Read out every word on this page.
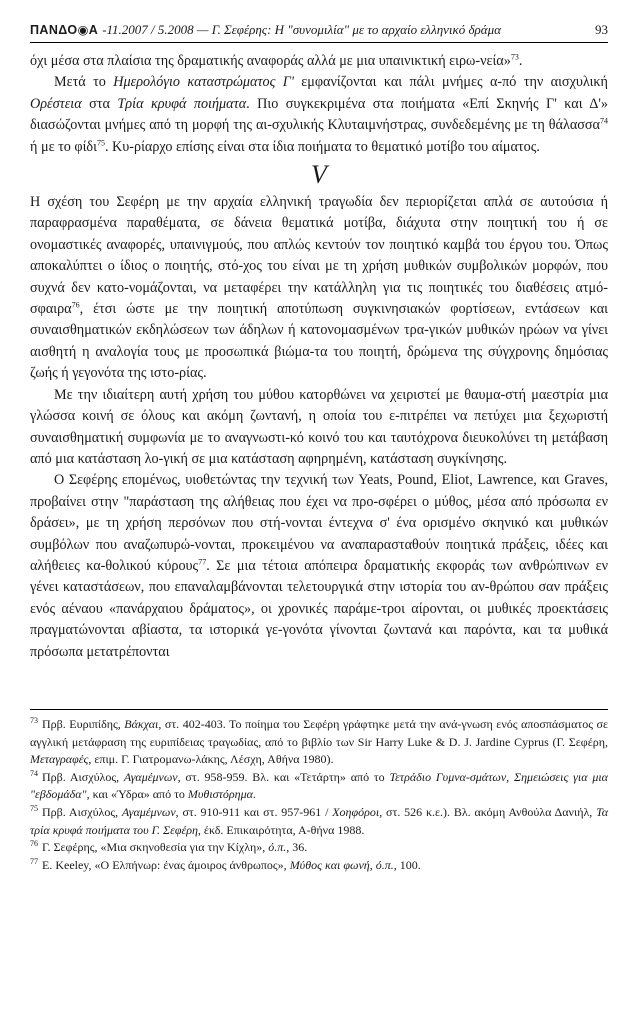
ΠΑΝΔΟ◉Α -11.2007 / 5.2008 — Γ. Σεφέρης: Η "συνομιλία" με το αρχαίο ελληνικό δράμα	93

όχι μέσα στα πλαίσια της δραματικής αναφοράς αλλά με μια υπαινικτική ειρω-νεία»$^{73}$.

Μετά το Ημερολόγιο καταστρώματος Γ' εμφανίζονται και πάλι μνήμες α-πό την αισχυλική Ορέστεια στα Τρία κρυφά ποιήματα. Πιο συγκεκριμένα στα ποιήματα «Επί Σκηνής Γ' και Δ'» διασώζονται μνήμες από τη μορφή της αι-σχυλικής Κλυταιμνήστρας, συνδεδεμένης με τη θάλασσα$^{74}$ ή με το φίδι$^{75}$. Κυ-ρίαρχο επίσης είναι στα ίδια ποιήματα το θεματικό μοτίβο του αίματος.

V

Η σχέση του Σεφέρη με την αρχαία ελληνική τραγωδία δεν περιορίζεται απλά σε αυτούσια ή παραφρασμένα παραθέματα, σε δάνεια θεματικά μοτίβα, διάχυτα στην ποιητική του ή σε ονομαστικές αναφορές, υπαινιγμούς, που απλώς κεντούν τον ποιητικό καμβά του έργου του. Όπως αποκαλύπτει ο ίδιος ο ποιητής, στό-χος του είναι με τη χρήση μυθικών συμβολικών μορφών, που συχνά δεν κατο-νομάζονται, να μεταφέρει την κατάλληλη για τις ποιητικές του διαθέσεις ατμό-σφαιρα$^{76}$, έτσι ώστε με την ποιητική αποτύπωση συγκινησιακών φορτίσεων, εντάσεων και συναισθηματικών εκδηλώσεων των άδηλων ή κατονομασμένων τρα-γικών μυθικών ηρώων να γίνει αισθητή η αναλογία τους με προσωπικά βιώμα-τα του ποιητή, δρώμενα της σύγχρονης δημόσιας ζωής ή γεγονότα της ιστο-ρίας.

Με την ιδιαίτερη αυτή χρήση του μύθου κατορθώνει να χειριστεί με θαυμα-στή μαεστρία μια γλώσσα κοινή σε όλους και ακόμη ζωντανή, η οποία του ε-πιτρέπει να πετύχει μια ξεχωριστή συναισθηματική συμφωνία με το αναγνωστι-κό κοινό του και ταυτόχρονα διευκολύνει τη μετάβαση από μια κατάσταση λο-γική σε μια κατάσταση αφηρημένη, κατάσταση συγκίνησης.

Ο Σεφέρης επομένως, υιοθετώντας την τεχνική των Yeats, Pound, Eliot, Lawrence, και Graves, προβαίνει στην "παράσταση της αλήθειας που έχει να προ-σφέρει ο μύθος, μέσα από πρόσωπα εν δράσει», με τη χρήση περσόνων που στή-νονται έντεχνα σ' ένα ορισμένο σκηνικό και μυθικών συμβόλων που αναζωπυρώ-νονται, προκειμένου να αναπαρασταθούν ποιητικά πράξεις, ιδέες και αλήθειες κα-θολικού κύρους$^{77}$. Σε μια τέτοια απόπειρα δραματικής εκφοράς των ανθρώπινων εν γένει καταστάσεων, που επαναλαμβάνονται τελετουργικά στην ιστορία του αν-θρώπου σαν πράξεις ενός αέναου «πανάρχαιου δράματος», οι χρονικές παράμε-τροι αίρονται, οι μυθικές προεκτάσεις πραγματώνονται αβίαστα, τα ιστορικά γε-γονότα γίνονται ζωντανά και παρόντα, και τα μυθικά πρόσωπα μετατρέπονται

$^{73}$ Πρβ. Ευριπίδης, Βάκχαι, στ. 402-403. Το ποίημα του Σεφέρη γράφτηκε μετά την ανά-γνωση ενός αποσπάσματος σε αγγλική μετάφραση της ευριπίδειας τραγωδίας, από το βιβλίο των Sir Harry Luke & D. J. Jardine Cyprus (Γ. Σεφέρη, Μεταγραφές, επιμ. Γ. Γιατρομανω-λάκης, Λέσχη, Αθήνα 1980).

$^{74}$ Πρβ. Αισχύλος, Αγαμέμνων, στ. 958-959. Βλ. και «Τετάρτη» από το Τετράδιο Γυμνα-σμάτων, Σημειώσεις για μια "εβδομάδα", και «Ύδρα» από το Μυθιστόρημα.

$^{75}$ Πρβ. Αισχύλος, Αγαμέμνων, στ. 910-911 και στ. 957-961 / Χοηφόροι, στ. 526 κ.ε.). Βλ. ακόμη Ανθούλα Δανιήλ, Τα τρία κρυφά ποιήματα του Γ. Σεφέρη, έκδ. Επικαιρότητα, Α-θήνα 1988.

$^{76}$ Γ. Σεφέρης, «Μια σκηνοθεσία για την Κίχλη», ό.π., 36.

$^{77}$ E. Keeley, «Ο Ελπήνωρ: ένας άμοιρος άνθρωπος», Μύθος και φωνή, ό.π., 100.
